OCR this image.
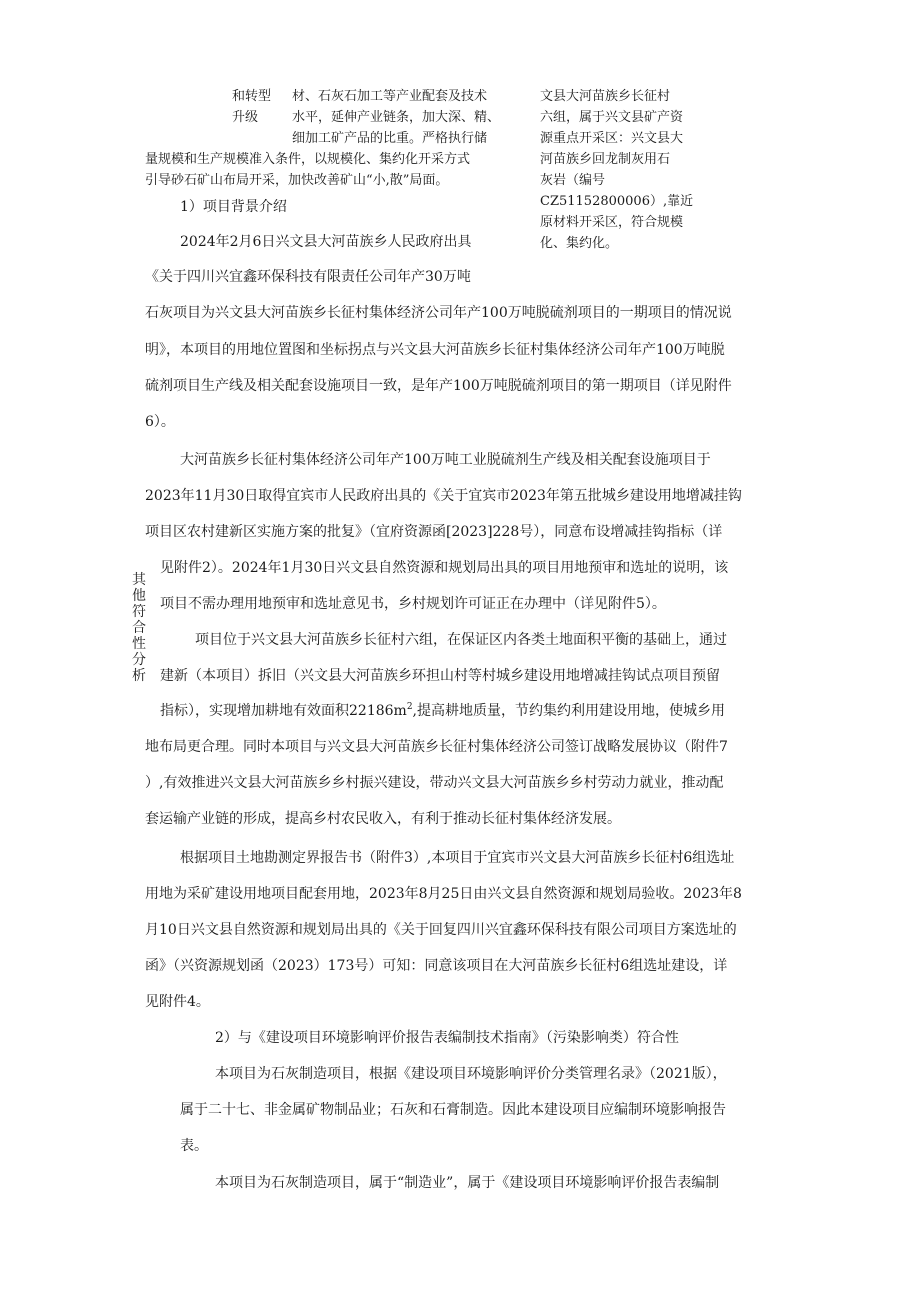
和转型
升级
材、石灰石加工等产业配套及技术
水平，延伸产业链条，加大深、精、
细加工矿产品的比重。严格执行储
量规模和生产规模准入条件，以规模化、集约化开采方式
引导砂石矿山布局开采，加快改善矿山“小,散”局面。
文县大河苗族乡长征村
六组，属于兴文县矿产资
源重点开采区：兴文县大
河苗族乡回龙制灰用石
灰岩（编号
CZ51152800006）,靠近
原材料开采区，符合规模
化、集约化。
其他符合性分析
1）项目背景介绍
2024年2月6日兴文县大河苗族乡人民政府出具
《关于四川兴宜鑫环保科技有限责任公司年产30万吨
石灰项目为兴文县大河苗族乡长征村集体经济公司年产100万吨脱硫剂项目的一期项目的情况说
明》，本项目的用地位置图和坐标拐点与兴文县大河苗族乡长征村集体经济公司年产100万吨脱
硫剂项目生产线及相关配套设施项目一致，是年产100万吨脱硫剂项目的第一期项目（详见附件
6）。
大河苗族乡长征村集体经济公司年产100万吨工业脱硫剂生产线及相关配套设施项目于
2023年11月30日取得宜宾市人民政府出具的《关于宜宾市2023年第五批城乡建设用地增减挂钩
项目区农村建新区实施方案的批复》（宜府资源函[2023]228号），同意布设增减挂钩指标（详
见附件2）。2024年1月30日兴文县自然资源和规划局出具的项目用地预审和选址的说明，该
项目不需办理用地预审和选址意见书，乡村规划许可证正在办理中（详见附件5）。
项目位于兴文县大河苗族乡长征村六组，在保证区内各类土地面积平衡的基础上，通过
建新（本项目）拆旧（兴文县大河苗族乡环担山村等村城乡建设用地增减挂钩试点项目预留
指标），实现增加耕地有效面积$22186m^2$,提高耕地质量，节约集约利用建设用地，使城乡用
地布局更合理。同时本项目与兴文县大河苗族乡长征村集体经济公司签订战略发展协议（附件7
）,有效推进兴文县大河苗族乡乡村振兴建设，带动兴文县大河苗族乡乡村劳动力就业，推动配
套运输产业链的形成，提高乡村农民收入，有利于推动长征村集体经济发展。
根据项目土地勘测定界报告书（附件3）,本项目于宜宾市兴文县大河苗族乡长征村6组选址
用地为采矿建设用地项目配套用地，2023年8月25日由兴文县自然资源和规划局验收。2023年8
月10日兴文县自然资源和规划局出具的《关于回复四川兴宜鑫环保科技有限公司项目方案选址的
函》（兴资源规划函（2023）173号）可知：同意该项目在大河苗族乡长征村6组选址建设，详
见附件4。
2）与《建设项目环境影响评价报告表编制技术指南》（污染影响类）符合性
本项目为石灰制造项目，根据《建设项目环境影响评价分类管理名录》（2021版），
属于二十七、非金属矿物制品业；石灰和石膏制造。因此本建设项目应编制环境影响报告
表。
本项目为石灰制造项目，属于“制造业”，属于《建设项目环境影响评价报告表编制
